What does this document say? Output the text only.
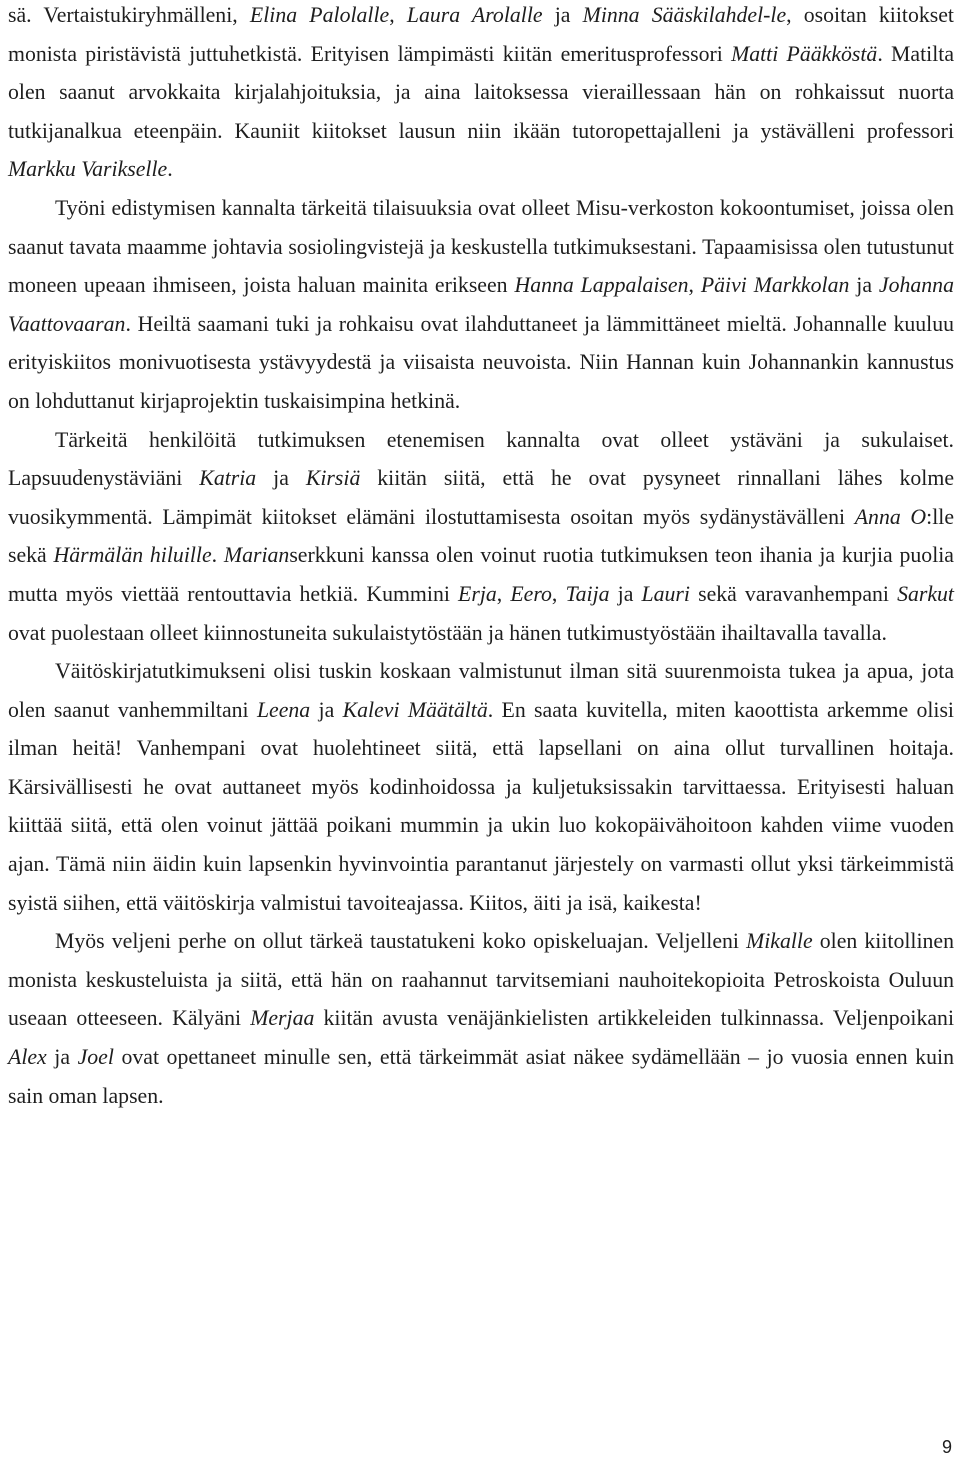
sä. Vertaistukiryhmälleni, Elina Palolalle, Laura Arolalle ja Minna Sääskilahdel-le, osoitan kiitokset monista piristävistä juttuhetkistä. Erityisen lämpimästi kiitän emeritusprofessori Matti Pääkköstä. Matilta olen saanut arvokkaita kirjalahjoituksia, ja aina laitoksessa vieraillessaan hän on rohkaissut nuorta tutkijanalkua eteenpäin. Kauniit kiitokset lausun niin ikään tutoropettajalleni ja ystävälleni professori Markku Varikselle.

Työni edistymisen kannalta tärkeitä tilaisuuksia ovat olleet Misu-verkoston kokoontumiset, joissa olen saanut tavata maamme johtavia sosiolingvistejä ja keskustella tutkimuksestani. Tapaamisissa olen tutustunut moneen upeaan ihmiseen, joista haluan mainita erikseen Hanna Lappalaisen, Päivi Markkolan ja Johanna Vaattovaaran. Heiltä saamani tuki ja rohkaisu ovat ilahduttaneet ja lämmittäneet mieltä. Johannalle kuuluu erityiskiitos monivuotisesta ystävyydestä ja viisaista neuvoista. Niin Hannan kuin Johannankin kannustus on lohduttanut kirjaprojektin tuskaisimpina hetkinä.

Tärkeitä henkilöitä tutkimuksen etenemisen kannalta ovat olleet ystäväni ja sukulaiset. Lapsuudenystäviäni Katria ja Kirsiä kiitän siitä, että he ovat pysyneet rinnallani lähes kolme vuosikymmentä. Lämpimät kiitokset elämäni ilostuttamisesta osoitan myös sydänystävälleni Anna O:lle sekä Härmälän hiluille. Marianserkkuni kanssa olen voinut ruotia tutkimuksen teon ihania ja kurjia puolia mutta myös viettää rentouttavia hetkiä. Kummini Erja, Eero, Taija ja Lauri sekä varavanhempani Sarkut ovat puolestaan olleet kiinnostuneita sukulaistytöstään ja hänen tutkimustyöstään ihailtavalla tavalla.

Väitöskirjatutkimukseni olisi tuskin koskaan valmistunut ilman sitä suurenmoista tukea ja apua, jota olen saanut vanhemmiltani Leena ja Kalevi Määtältä. En saata kuvitella, miten kaoottista arkemme olisi ilman heitä! Vanhempani ovat huolehtineet siitä, että lapsellani on aina ollut turvallinen hoitaja. Kärsivällisesti he ovat auttaneet myös kodinhoidossa ja kuljetuksissakin tarvittaessa. Erityisesti haluan kiittää siitä, että olen voinut jättää poikani mummin ja ukin luo kokopäivähoitoon kahden viime vuoden ajan. Tämä niin äidin kuin lapsenkin hyvinvointia parantanut järjestely on varmasti ollut yksi tärkeimmistä syistä siihen, että väitöskirja valmistui tavoiteajassa. Kiitos, äiti ja isä, kaikesta!

Myös veljeni perhe on ollut tärkeä taustatukeni koko opiskeluajan. Veljelleni Mikalle olen kiitollinen monista keskusteluista ja siitä, että hän on raahannut tarvitsemiani nauhoitekopioita Petroskoista Ouluun useaan otteeseen. Kälyäni Merjaa kiitän avusta venäjänkielisten artikkeleiden tulkinnassa. Veljenpoikani Alex ja Joel ovat opettaneet minulle sen, että tärkeimmät asiat näkee sydämellään – jo vuosia ennen kuin sain oman lapsen.

9
